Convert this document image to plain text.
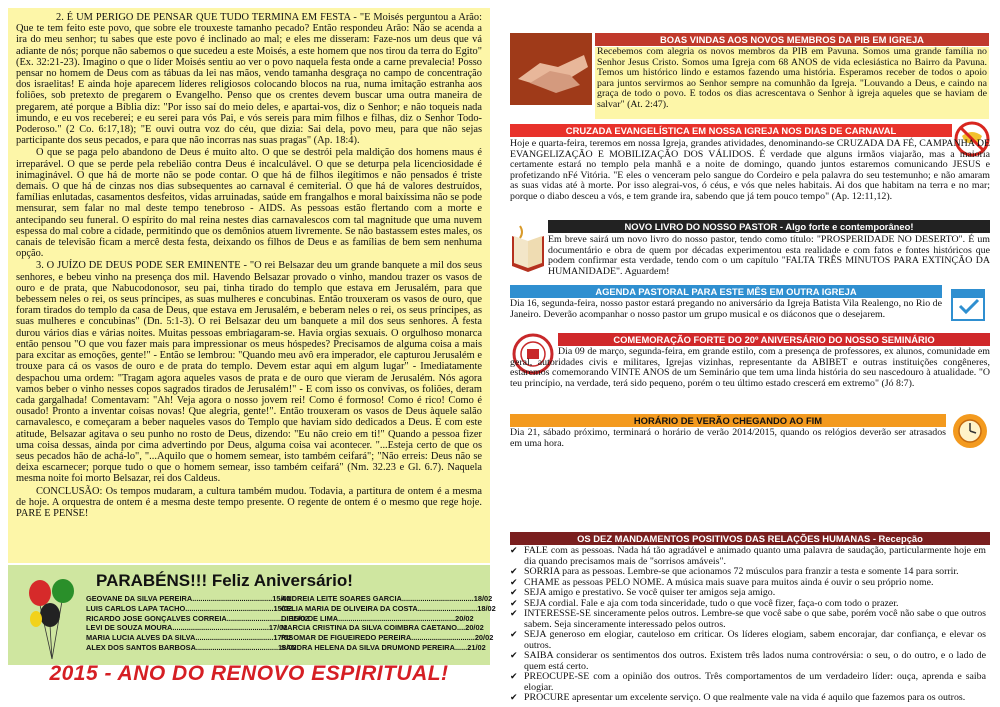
2. É UM PERIGO DE PENSAR QUE TUDO TERMINA EM FESTA - "E Moisés perguntou a Arão: Que te tem feito este povo, que sobre ele trouxeste tamanho pecado? Então respondeu Arão: Não se acenda a ira do meu senhor; tu sabes que este povo é inclinado ao mal; e eles me disseram: Faze-nos um deus que vá adiante de nós; porque não sabemos o que sucedeu a este Moisés, a este homem que nos tirou da terra do Egito" (Ex. 32:21-23). Imagino o que o líder Moisés sentiu ao ver o povo naquela festa onde a carne prevalecia! Posso pensar no homem de Deus com as tábuas da lei nas mãos, vendo tamanha desgraça no campo de concentração dos israelitas! E ainda hoje aparecem líderes religiosos colocando blocos na rua, numa imitação estranha aos foliões, sob pretexto de pregarem o Evangelho. Penso que os crentes devem buscar uma outra maneira de pregarem, até porque a Bíblia diz: "Por isso saí do meio deles, e apartai-vos, diz o Senhor; e não toqueis nada imundo, e eu vos receberei; e eu serei para vós Pai, e vós sereis para mim filhos e filhas, diz o Senhor Todo-Poderoso." (2 Co. 6:17,18); "E ouvi outra voz do céu, que dizia: Sai dela, povo meu, para que não sejas participante dos seus pecados, e para que não incorras nas suas pragas" (Ap. 18:4).

O que se paga pelo abandono de Deus é muito alto. O que se destrói pela maldição dos homens maus é irreparável. O que se perde pela rebelião contra Deus é incalculável. O que se deturpa pela licenciosidade é inimaginável. O que há de morte não se pode contar. O que há de filhos ilegítimos e não pensados é triste demais. O que há de cinzas nos dias subsequentes ao carnaval é cemiterial. O que há de valores destruídos, famílias enlutadas, casamentos desfeitos, vidas arruinadas, saúde em frangalhos e moral baixíssima não se pode mensurar, sem falar no mal deste tempo tenebroso - AIDS. As pessoas estão flertando com a morte e antecipando seu funeral. O espírito do mal reina nestes dias carnavalescos com tal magnitude que uma nuvem espessa do mal cobre a cidade, permitindo que os demônios atuem livremente. Se não bastassem estes males, os canais de televisão ficam a mercê desta festa, deixando os filhos de Deus e as famílias de bem sem nenhuma opção.

3. O JUÍZO DE DEUS PODE SER EMINENTE - "O rei Belsazar deu um grande banquete a mil dos seus senhores, e bebeu vinho na presença dos mil. Havendo Belsazar provado o vinho, mandou trazer os vasos de ouro e de prata, que Nabucodonosor, seu pai, tinha tirado do templo que estava em Jerusalém, para que bebessem neles o rei, os seus príncipes, as suas mulheres e concubinas. Então trouxeram os vasos de ouro, que foram tirados do templo da casa de Deus, que estava em Jerusalém, e beberam neles o rei, os seus príncipes, as suas mulheres e concubinas" (Dn. 5:1-3). O rei Belsazar deu um banquete a mil dos seus senhores. A festa durou vários dias e várias noites. Muitas pessoas embriagaram-se. Havia orgias sexuais. O orgulhoso monarca então pensou "O que vou fazer mais para impressionar os meus hóspedes? Precisamos de alguma coisa a mais para excitar as emoções, gente!" - Então se lembrou: "Quando meu avô era imperador, ele capturou Jerusalém e trouxe para cá os vasos de ouro e de prata do templo. Devem estar aqui em algum lugar" - Imediatamente despachou uma ordem: "Tragam agora aqueles vasos de prata e de ouro que vieram de Jerusalém. Nós agora vamos beber o vinho nesses copos sagrados tirados de Jerusalém!" - E com isso os convivas, os foliões, deram cada gargalhada! Comentavam: "Ah! Veja agora o nosso jovem rei! Como é formoso! Como é rico! Como é ousado! Pronto a inventar coisas novas! Que alegria, gente!". Então trouxeram os vasos de Deus àquele salão carnavalesco, e começaram a beber naqueles vasos do Templo que haviam sido dedicados a Deus. E com este atitude, Belsazar agitava o seu punho no rosto de Deus, dizendo: "Eu não creio em ti!" Quando a pessoa fizer uma coisa dessas, ainda por cima advertindo por Deus, alguma coisa vai acontecer. "...Esteja certo de que os seus pecados hão de achá-lo", "...Aquilo que o homem semear, isto também ceifará"; "Não erreis: Deus não se deixa escarnecer; porque tudo o que o homem semear, isso também ceifará" (Nm. 32.23 e Gl. 6.7). Naquela mesma noite foi morto Belsazar, rei dos Caldeus.

CONCLUSÃO: Os tempos mudaram, a cultura também mudou. Todavia, a partitura de ontem é a mesma de hoje. A orquestra de ontem é a mesma deste tempo presente. O regente de ontem é o mesmo que rege hoje. PARE E PENSE!

PARABÉNS!!! Feliz Aniversário!
GEOVANE DA SILVA PEREIRA.......................................15/02
LUIS CARLOS LAPA TACHO...........................................15/02
RICARDO JOSE GONÇALVES CORREIA...............................15/02
LEVI DE SOUZA MOURA...............................................17/02
MARIA LUCIA ALVES DA SILVA......................................17/02
ALEX DOS SANTOS BARBOSA........................................18/02
ANDREIA LEITE SOARES GARCIA...................................18/02
CELIA MARIA DE OLIVEIRA DA COSTA.............................18/02
DIELIO DE LIMA.........................................................20/02
MARCIA CRISTINA DA SILVA COIMBRA CAETANO....20/02
RISOMAR DE FIGUEIREDO PEREIRA...............................20/02
SANDRA HELENA DA SILVA DRUMOND PEREIRA......21/02
2015 - ANO DO RENOVO ESPIRITUAL!
BOAS VINDAS AOS NOVOS MEMBROS DA PIB EM IGREJA
Recebemos com alegria os novos membros da PIB em Pavuna. Somos uma grande família no Senhor Jesus Cristo. Somos uma Igreja com 68 ANOS de vida eclesiástica no Bairro da Pavuna. Temos um histórico lindo e estamos fazendo uma história. Esperamos receber de todos o apoio para juntos servirmos ao Senhor sempre na comunhão da Igreja. "Louvando a Deus, e caindo na graça de todo o povo. E todos os dias acrescentava o Senhor à igreja aqueles que se haviam de salvar" (At. 2:47).
CRUZADA EVANGELÍSTICA EM NOSSA IGREJA NOS DIAS DE CARNAVAL
Hoje e quarta-feira, teremos em nossa Igreja, grandes atividades, denominando-se CRUZADA DA FÉ, CAMPANHA DE EVANGELIZAÇÃO E MOBILIZAÇÃO DOS VÁLIDOS. É verdade que alguns irmãos viajarão, mas a maioria certamente estará no templo pela manhã e a noite de domingo, quando juntos estaremos comunicando JESUS e profetizando nFé Vitória. "E eles o venceram pelo sangue do Cordeiro e pela palavra do seu testemunho; e não amaram as suas vidas até à morte. Por isso alegrai-vos, ó céus, e vós que neles habitais. Ai dos que habitam na terra e no mar; porque o diabo desceu a vós, e tem grande ira, sabendo que já tem pouco tempo" (Ap. 12:11,12).
NOVO LIVRO DO NOSSO PASTOR - Algo forte e contemporâneo!
Em breve sairá um novo livro do nosso pastor, tendo como título: "PROSPERIDADE NO DESERTO". É um documentário e obra de quem por décadas experimentou esta realidade e com fatos e fontes históricos que podem confirmar esta verdade, tendo com o um capítulo "FALTA TRÊS MINUTOS PARA EXTINÇÃO DA HUMANIDADE". Aguardem!
AGENDA PASTORAL PARA ESTE MÊS EM OUTRA IGREJA
Dia 16, segunda-feira, nosso pastor estará pregando no aniversário da Igreja Batista Vila Realengo, no Rio de Janeiro. Deverão acompanhar o nosso pastor um grupo musical e os diáconos que o desejarem.
COMEMORAÇÃO FORTE DO 20º ANIVERSÁRIO DO NOSSO SEMINÁRIO
Dia 09 de março, segunda-feira, em grande estilo, com a presença de professores, ex alunos, comunidade em geral, autoridades civis e militares, Igrejas vizinhas, representante da ABIBET e outras instituições congêneres, estaremos comemorando VINTE ANOS de um Seminário que tem uma linda história do seu nascedouro à atualidade. "O teu princípio, na verdade, terá sido pequeno, porém o teu último estado crescerá em extremo" (Jó 8:7).
HORÁRIO DE VERÃO CHEGANDO AO FIM
Dia 21, sábado próximo, terminará o horário de verão 2014/2015, quando os relógios deverão ser atrasados em uma hora.
OS DEZ MANDAMENTOS POSITIVOS DAS RELAÇÕES HUMANAS - Recepção
✔ FALE com as pessoas. Nada há tão agradável e animado quanto uma palavra de saudação, particularmente hoje em dia quando precisamos mais de "sorrisos amáveis".
✔ SORRIA para as pessoas. Lembre-se que acionamos 72 músculos para franzir a testa e somente 14 para sorrir.
✔ CHAME as pessoas PELO NOME. A música mais suave para muitos ainda é ouvir o seu próprio nome.
✔ SEJA amigo e prestativo. Se você quiser ter amigos seja amigo.
✔ SEJA cordial. Fale e aja com toda sinceridade, tudo o que você fizer, faça-o com todo o prazer.
✔ INTERESSE-SE sinceramente pelos outros. Lembre-se que você sabe o que sabe, porém você não sabe o que outros sabem. Seja sinceramente interessado pelos outros.
✔ SEJA generoso em elogiar, cauteloso em criticar. Os líderes elogiam, sabem encorajar, dar confiança, e elevar os outros.
✔ SAIBA considerar os sentimentos dos outros. Existem três lados numa controvérsia: o seu, o do outro, e o lado de quem está certo.
✔ PREOCUPE-SE com a opinião dos outros. Três comportamentos de um verdadeiro líder: ouça, aprenda e saiba elogiar.
✔ PROCURE apresentar um excelente serviço. O que realmente vale na vida é aquilo que fazemos para os outros.
